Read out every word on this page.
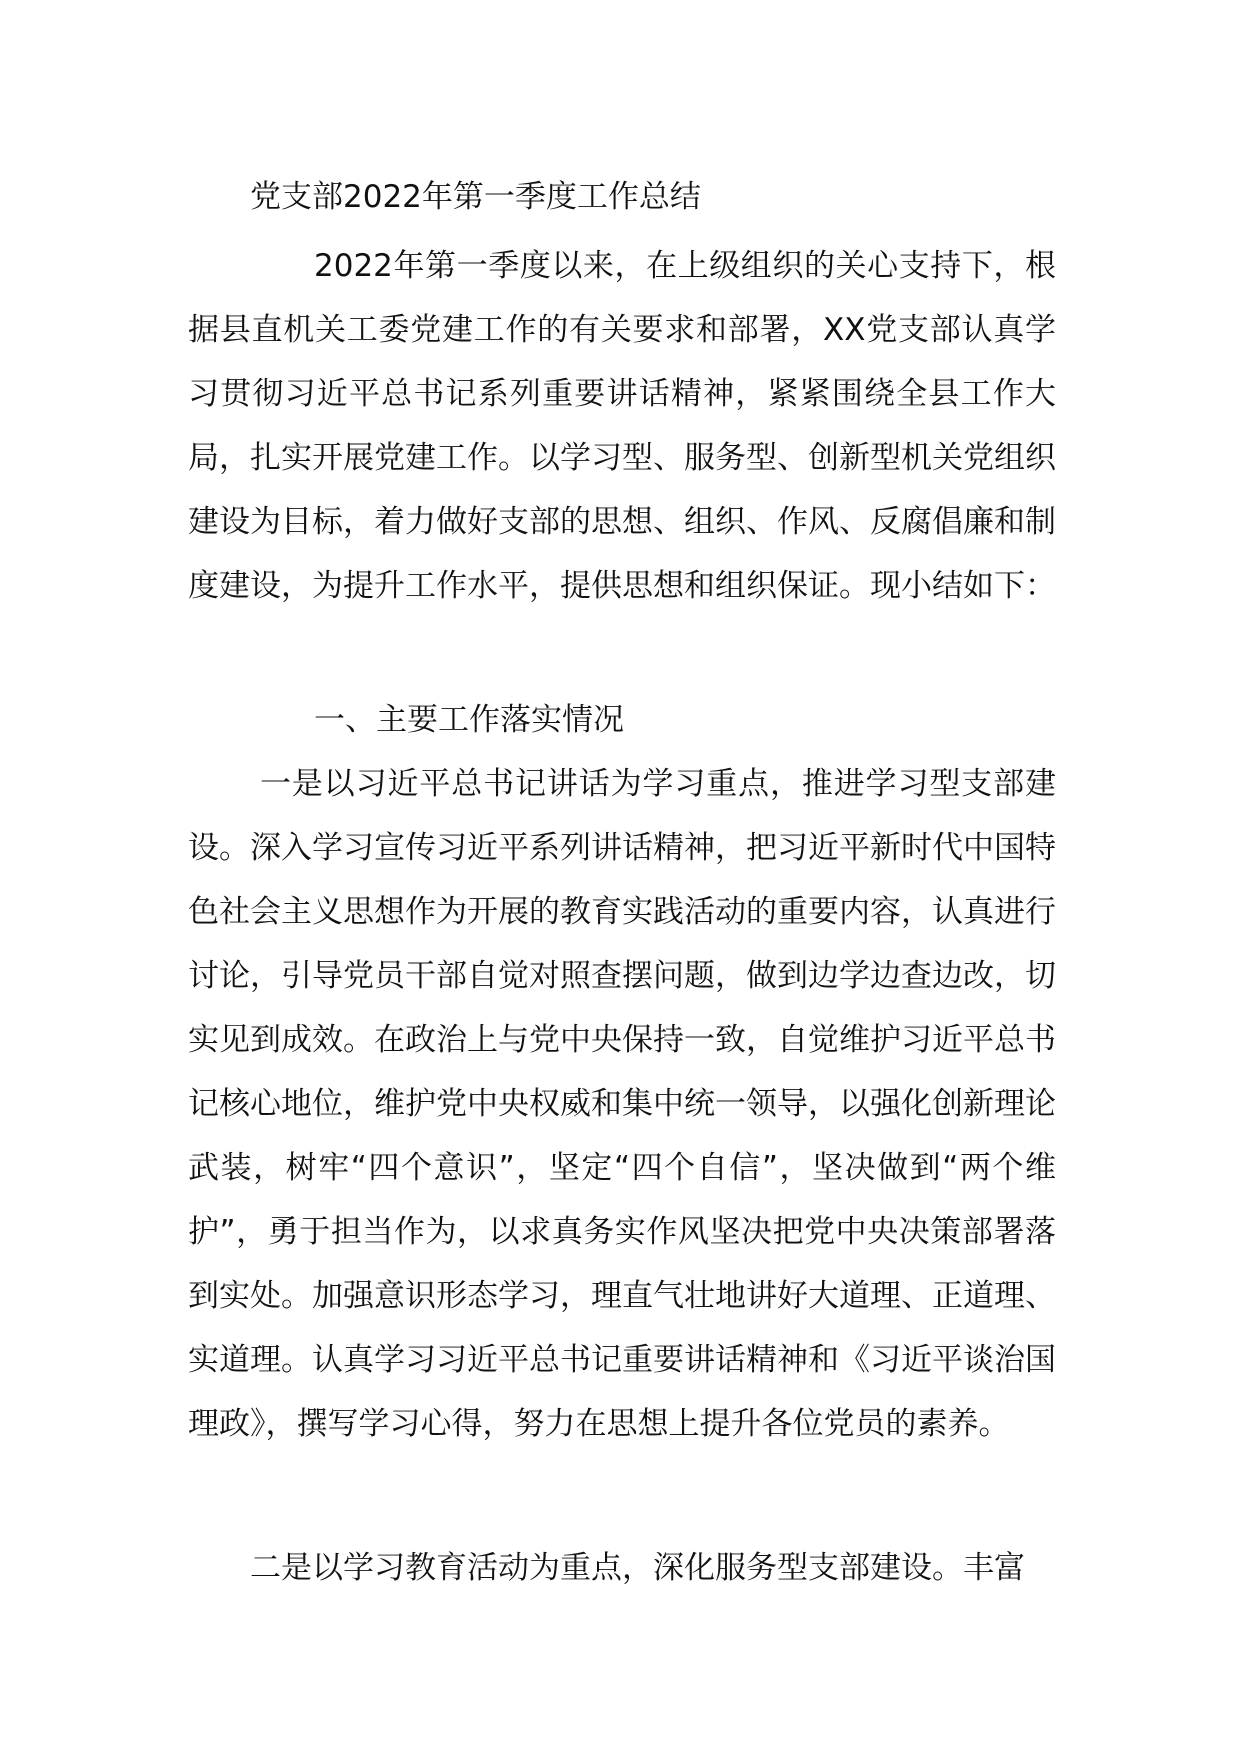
党支部2022年第一季度工作总结

2022年第一季度以来，在上级组织的关心支持下，根据县直机关工委党建工作的有关要求和部署，XX党支部认真学习贯彻习近平总书记系列重要讲话精神，紧紧围绕全县工作大局，扎实开展党建工作。以学习型、服务型、创新型机关党组织建设为目标，着力做好支部的思想、组织、作风、反腐倡廉和制度建设，为提升工作水平，提供思想和组织保证。现小结如下：

一、主要工作落实情况

一是以习近平总书记讲话为学习重点，推进学习型支部建设。深入学习宣传习近平系列讲话精神，把习近平新时代中国特色社会主义思想作为开展的教育实践活动的重要内容，认真进行讨论，引导党员干部自觉对照查摆问题，做到边学边查边改，切实见到成效。在政治上与党中央保持一致，自觉维护习近平总书记核心地位，维护党中央权威和集中统一领导，以强化创新理论武装，树牢“四个意识”，坚定“四个自信”，坚决做到“两个维护”，勇于担当作为，以求真务实作风坚决把党中央决策部署落到实处。加强意识形态学习，理直气壮地讲好大道理、正道理、实道理。认真学习习近平总书记重要讲话精神和《习近平谈治国理政》，撰写学习心得，努力在思想上提升各位党员的素养。

二是以学习教育活动为重点，深化服务型支部建设。丰富
